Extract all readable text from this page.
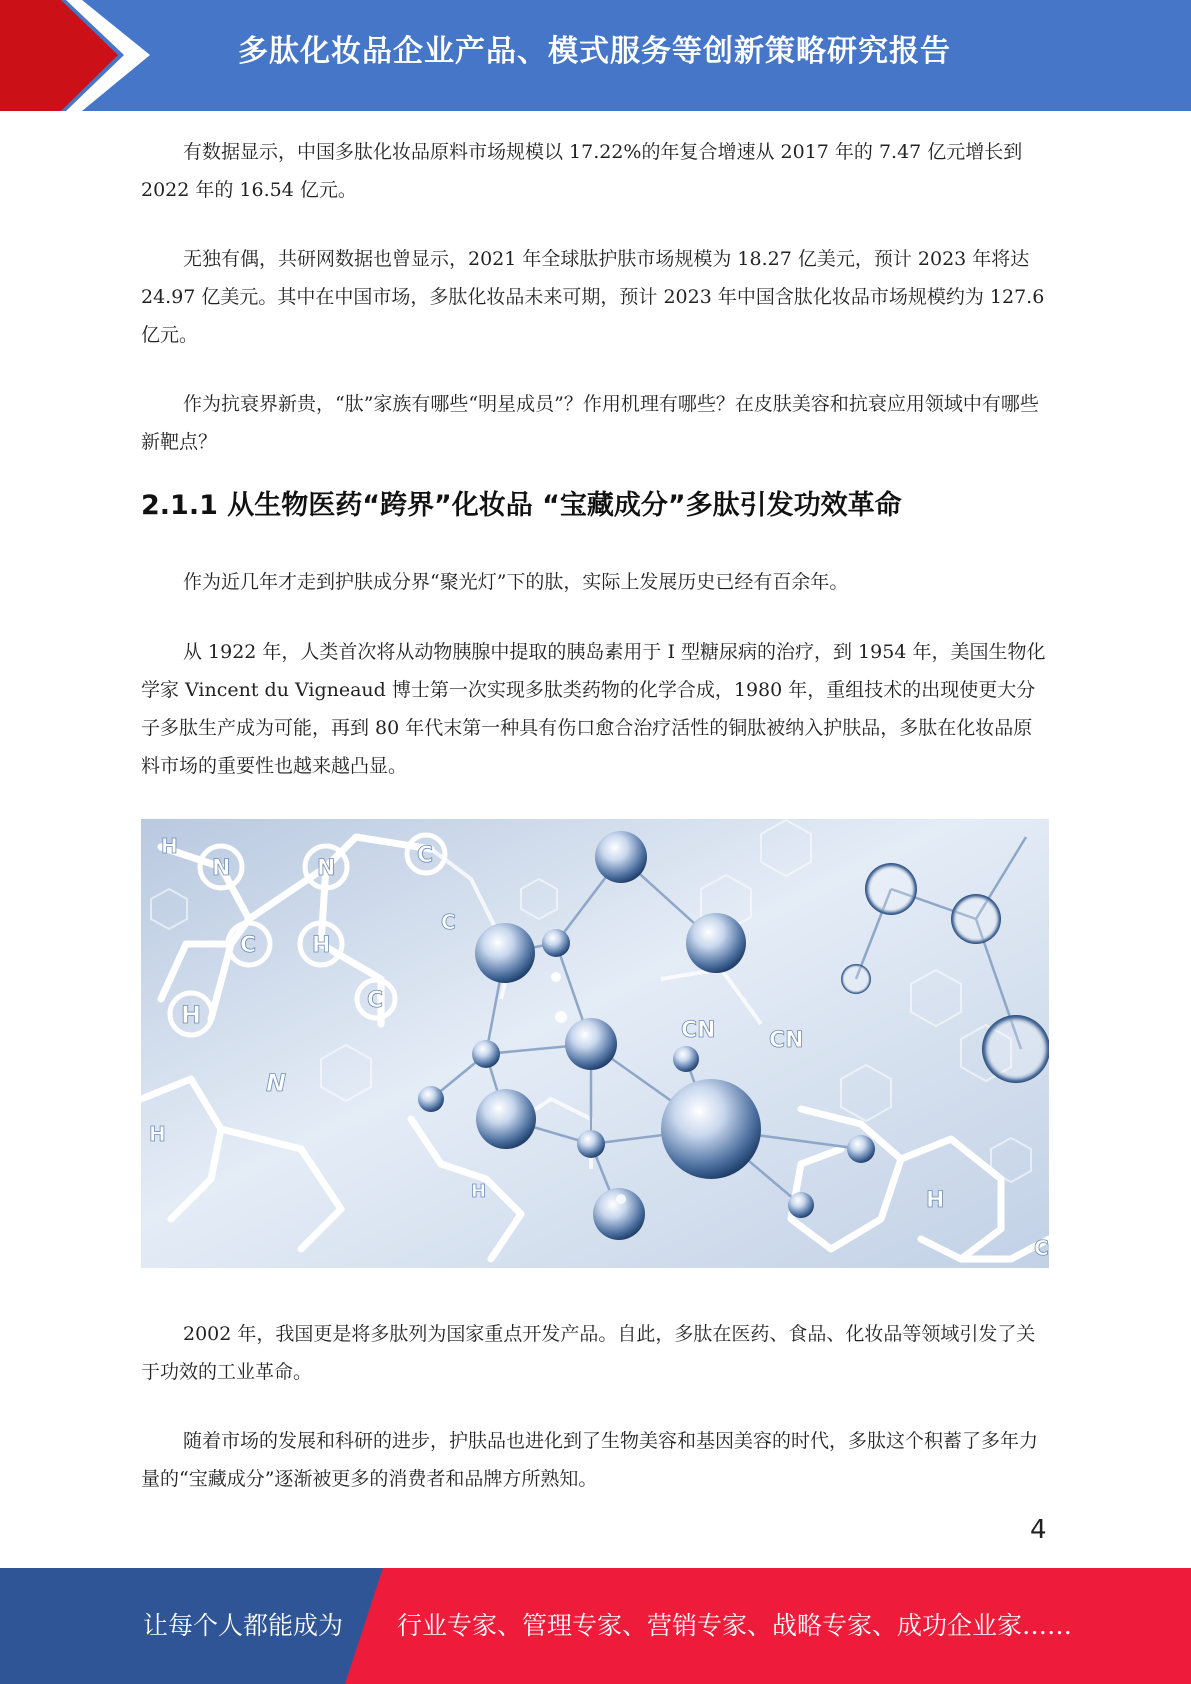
多肽化妆品企业产品、模式服务等创新策略研究报告

有数据显示，中国多肽化妆品原料市场规模以 17.22%的年复合增速从 2017 年的 7.47 亿元增长到 2022 年的 16.54 亿元。

无独有偶，共研网数据也曾显示，2021 年全球肽护肤市场规模为 18.27 亿美元，预计 2023 年将达 24.97 亿美元。其中在中国市场，多肽化妆品未来可期，预计 2023 年中国含肽化妆品市场规模约为 127.6 亿元。

作为抗衰界新贵，“肽”家族有哪些“明星成员”？作用机理有哪些？在皮肤美容和抗衰应用领域中有哪些新靶点？

2.1.1 从生物医药“跨界”化妆品 “宝藏成分”多肽引发功效革命

作为近几年才走到护肤成分界“聚光灯”下的肽，实际上发展历史已经有百余年。

从 1922 年，人类首次将从动物胰腺中提取的胰岛素用于 I 型糖尿病的治疗，到 1954 年，美国生物化学家 Vincent du Vigneaud 博士第一次实现多肽类药物的化学合成，1980 年，重组技术的出现使更大分子多肽生产成为可能，再到 80 年代末第一种具有伤口愈合治疗活性的铜肽被纳入护肤品，多肽在化妆品原料市场的重要性也越来越凸显。

H
N	N
C
C
H
C
C
H
CN CN
H
H
H
N
C

2002 年，我国更是将多肽列为国家重点开发产品。自此，多肽在医药、食品、化妆品等领域引发了关于功效的工业革命。

随着市场的发展和科研的进步，护肤品也进化到了生物美容和基因美容的时代，多肽这个积蓄了多年力量的“宝藏成分”逐渐被更多的消费者和品牌方所熟知。

4
让每个人都能成为 行业专家、管理专家、营销专家、战略专家、成功企业家……
